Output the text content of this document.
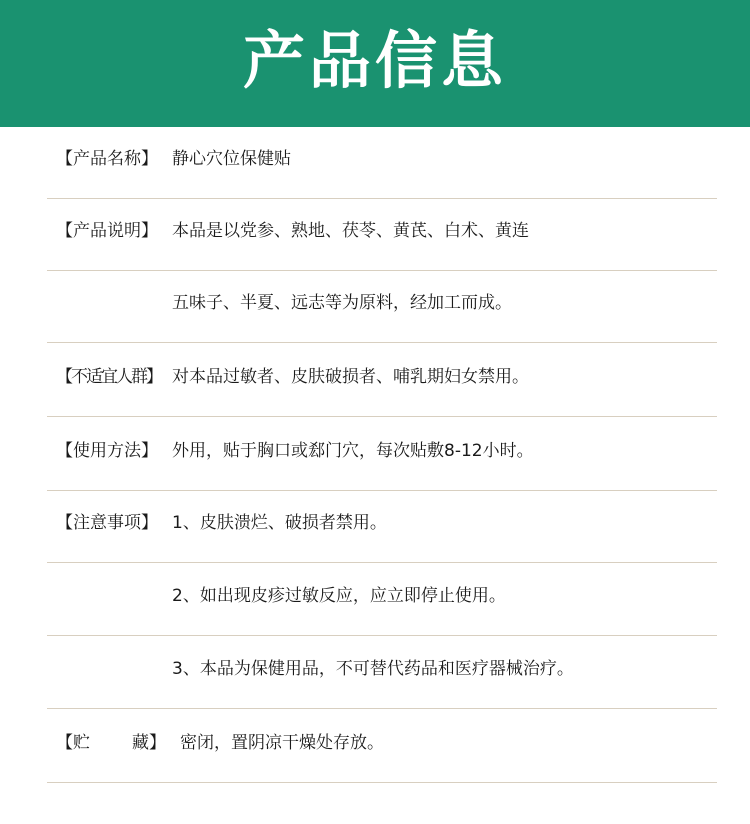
产品信息
【产品名称】 静心穴位保健贴
【产品说明】 本品是以党参、熟地、茯苓、黄芪、白术、黄连
五味子、半夏、远志等为原料，经加工而成。
【不适宜人群】 对本品过敏者、皮肤破损者、哺乳期妇女禁用。
【使用方法】 外用，贴于胸口或郄门穴，每次贴敷8-12小时。
【注意事项】 1、皮肤溃烂、破损者禁用。
2、如出现皮疹过敏反应，应立即停止使用。
3、本品为保健用品，不可替代药品和医疗器械治疗。
【贮 藏】 密闭，置阴凉干燥处存放。
